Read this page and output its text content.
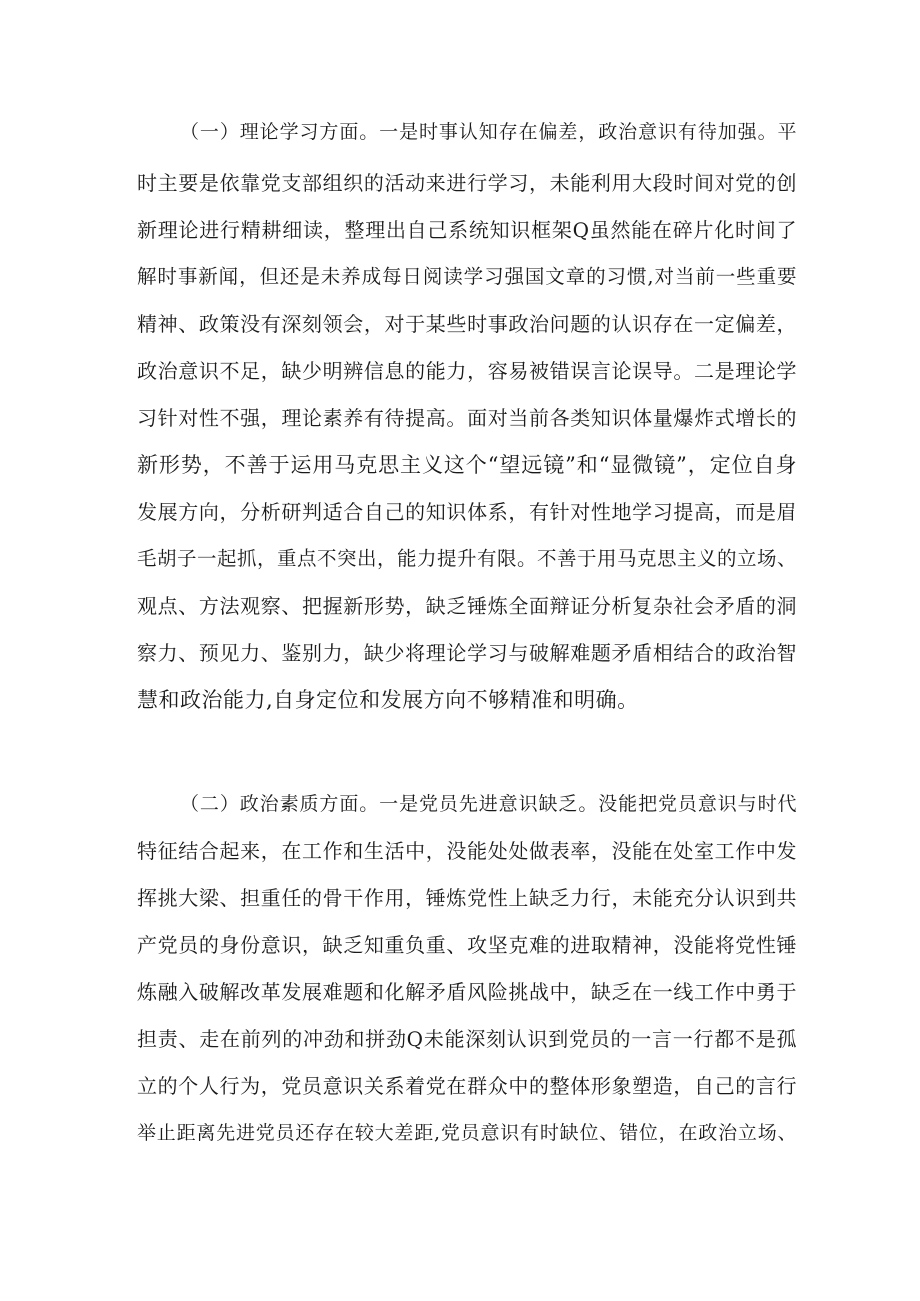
（一）理论学习方面。一是时事认知存在偏差，政治意识有待加强。平
时主要是依靠党支部组织的活动来进行学习，未能利用大段时间对党的创
新理论进行精耕细读，整理出自己系统知识框架Q虽然能在碎片化时间了
解时事新闻，但还是未养成每日阅读学习强国文章的习惯,对当前一些重要
精神、政策没有深刻领会，对于某些时事政治问题的认识存在一定偏差，
政治意识不足，缺少明辨信息的能力，容易被错误言论误导。二是理论学
习针对性不强，理论素养有待提高。面对当前各类知识体量爆炸式增长的
新形势，不善于运用马克思主义这个“望远镜”和“显微镜”，定位自身
发展方向，分析研判适合自己的知识体系，有针对性地学习提高，而是眉
毛胡子一起抓，重点不突出，能力提升有限。不善于用马克思主义的立场、
观点、方法观察、把握新形势，缺乏锤炼全面辩证分析复杂社会矛盾的洞
察力、预见力、鉴别力，缺少将理论学习与破解难题矛盾相结合的政治智
慧和政治能力,自身定位和发展方向不够精准和明确。
（二）政治素质方面。一是党员先进意识缺乏。没能把党员意识与时代
特征结合起来，在工作和生活中，没能处处做表率，没能在处室工作中发
挥挑大梁、担重任的骨干作用，锤炼党性上缺乏力行，未能充分认识到共
产党员的身份意识，缺乏知重负重、攻坚克难的进取精神，没能将党性锤
炼融入破解改革发展难题和化解矛盾风险挑战中，缺乏在一线工作中勇于
担责、走在前列的冲劲和拼劲Q未能深刻认识到党员的一言一行都不是孤
立的个人行为，党员意识关系着党在群众中的整体形象塑造，自己的言行
举止距离先进党员还存在较大差距,党员意识有时缺位、错位，在政治立场、
